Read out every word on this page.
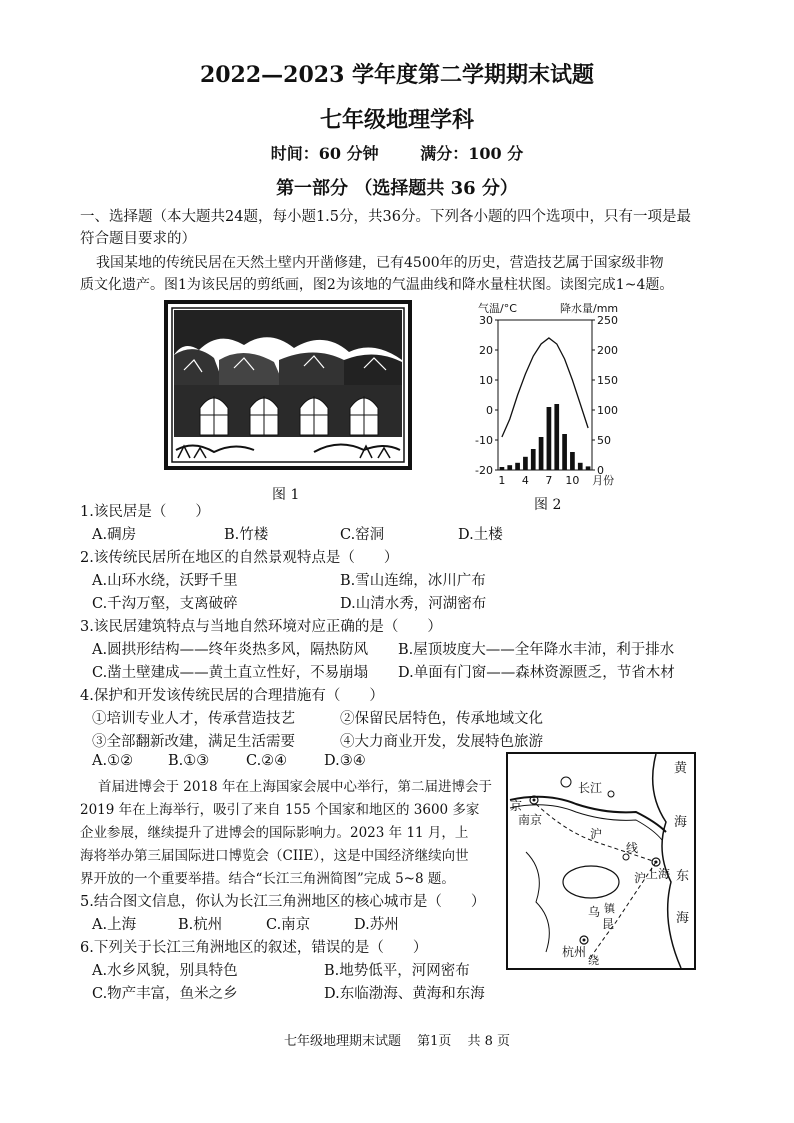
2022—2023 学年度第二学期期末试题
七年级地理学科
时间：60 分钟	满分：100 分
第一部分 （选择题共 36 分）
一、选择题（本大题共24题，每小题1.5分，共36分。下列各小题的四个选项中，只有一项是最
符合题目要求的）
我国某地的传统民居在天然土壁内开凿修建，已有4500年的历史，营造技艺属于国家级非物
质文化遗产。图1为该民居的剪纸画，图2为该地的气温曲线和降水量柱状图。读图完成1~4题。
图 1
气温/°C	降水量/mm
30
20
10
0
-10
-20
250
200
150
100
50
0
1 4 7 10 月份
图 2
1.该民居是（　　）
A.碉房	B.竹楼	C.窑洞	D.土楼
2.该传统民居所在地区的自然景观特点是（　　）
A.山环水绕，沃野千里	B.雪山连绵，冰川广布
C.千沟万壑，支离破碎	D.山清水秀，河湖密布
3.该民居建筑特点与当地自然环境对应正确的是（　　）
A.圆拱形结构——终年炎热多风，隔热防风 B.屋顶坡度大——全年降水丰沛，利于排水
C.凿土壁建成——黄土直立性好，不易崩塌 D.单面有门窗——森林资源匮乏，节省木材
4.保护和开发该传统民居的合理措施有（　　）
①培训专业人才，传承营造技艺	②保留民居特色，传承地域文化
③全部翻新改建，满足生活需要	④大力商业开发，发展特色旅游
A.①② B.①③	C.②④	D.③④
首届进博会于 2018 年在上海国家会展中心举行，第二届进博会于
2019 年在上海举行，吸引了来自 155 个国家和地区的 3600 多家
企业参展，继续提升了进博会的国际影响力。2023 年 11 月，上
海将举办第三届国际进口博览会（CIIE），这是中国经济继续向世
界开放的一个重要举措。结合“长江三角洲简图”完成 5~8 题。
黄
海
东
海
长江
京
南京
沪
线
沪 上海
乌 镇
昆
杭州
绕
5.结合图文信息，你认为长江三角洲地区的核心城市是（　　）
A.上海	B.杭州	C.南京	D.苏州
6.下列关于长江三角洲地区的叙述，错误的是（　　）
A.水乡风貌，别具特色	B.地势低平，河网密布
C.物产丰富，鱼米之乡	D.东临渤海、黄海和东海
七年级地理期末试题 第1页 共 8 页
